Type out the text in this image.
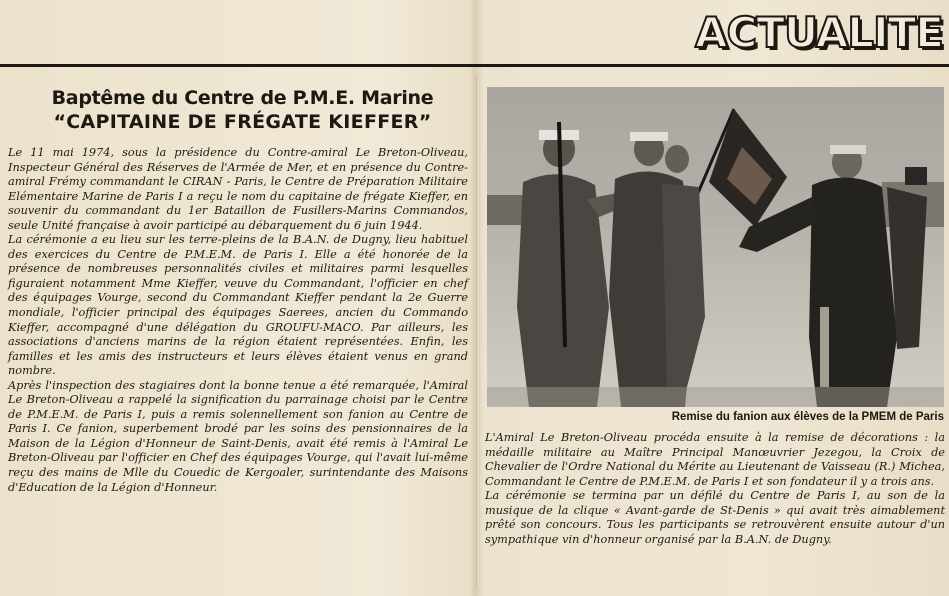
ACTUALITE
Baptême du Centre de P.M.E. Marine
“CAPITAINE DE FRÉGATE KIEFFER”

Le 11 mai 1974, sous la présidence du Contre-amiral Le Breton-Oliveau, Inspecteur Général des Réserves de l'Armée de Mer, et en présence du Contre-amiral Frémy commandant le CIRAN - Paris, le Centre de Préparation Militaire Elémentaire Marine de Paris I a reçu le nom du capitaine de frégate Kieffer, en souvenir du commandant du 1er Bataillon de Fusillers-Marins Commandos, seule Unité française à avoir participé au débarquement du 6 juin 1944.

La cérémonie a eu lieu sur les terre-pleins de la B.A.N. de Dugny, lieu habituel des exercices du Centre de P.M.E.M. de Paris I. Elle a été honorée de la présence de nombreuses personnalités civiles et militaires parmi lesquelles figuraient notamment Mme Kieffer, veuve du Commandant, l'officier en chef des équipages Vourge, second du Commandant Kieffer pendant la 2e Guerre mondiale, l'officier principal des équipages Saerees, ancien du Commando Kieffer, accompagné d'une délégation du GROUFU-MACO. Par ailleurs, les associations d'anciens marins de la région étaient représentées. Enfin, les familles et les amis des instructeurs et leurs élèves étaient venus en grand nombre.

Après l'inspection des stagiaires dont la bonne tenue a été remarquée, l'Amiral Le Breton-Oliveau a rappelé la signification du parrainage choisi par le Centre de P.M.E.M. de Paris I, puis a remis solennellement son fanion au Centre de Paris I. Ce fanion, superbement brodé par les soins des pensionnaires de la Maison de la Légion d'Honneur de Saint-Denis, avait été remis à l'Amiral Le Breton-Oliveau par l'officier en Chef des équipages Vourge, qui l'avait lui-même reçu des mains de Mlle du Couedic de Kergoaler, surintendante des Maisons d'Education de la Légion d'Honneur.

Remise du fanion aux élèves de la PMEM de Paris

L'Amiral Le Breton-Oliveau procéda ensuite à la remise de décorations : la médaille militaire au Maître Principal Manœuvrier Jezegou, la Croix de Chevalier de l'Ordre National du Mérite au Lieutenant de Vaisseau (R.) Michea, Commandant le Centre de P.M.E.M. de Paris I et son fondateur il y a trois ans.

La cérémonie se termina par un défilé du Centre de Paris I, au son de la musique de la clique « Avant-garde de St-Denis » qui avait très aimablement prêté son concours. Tous les participants se retrouvèrent ensuite autour d'un sympathique vin d'honneur organisé par la B.A.N. de Dugny.
